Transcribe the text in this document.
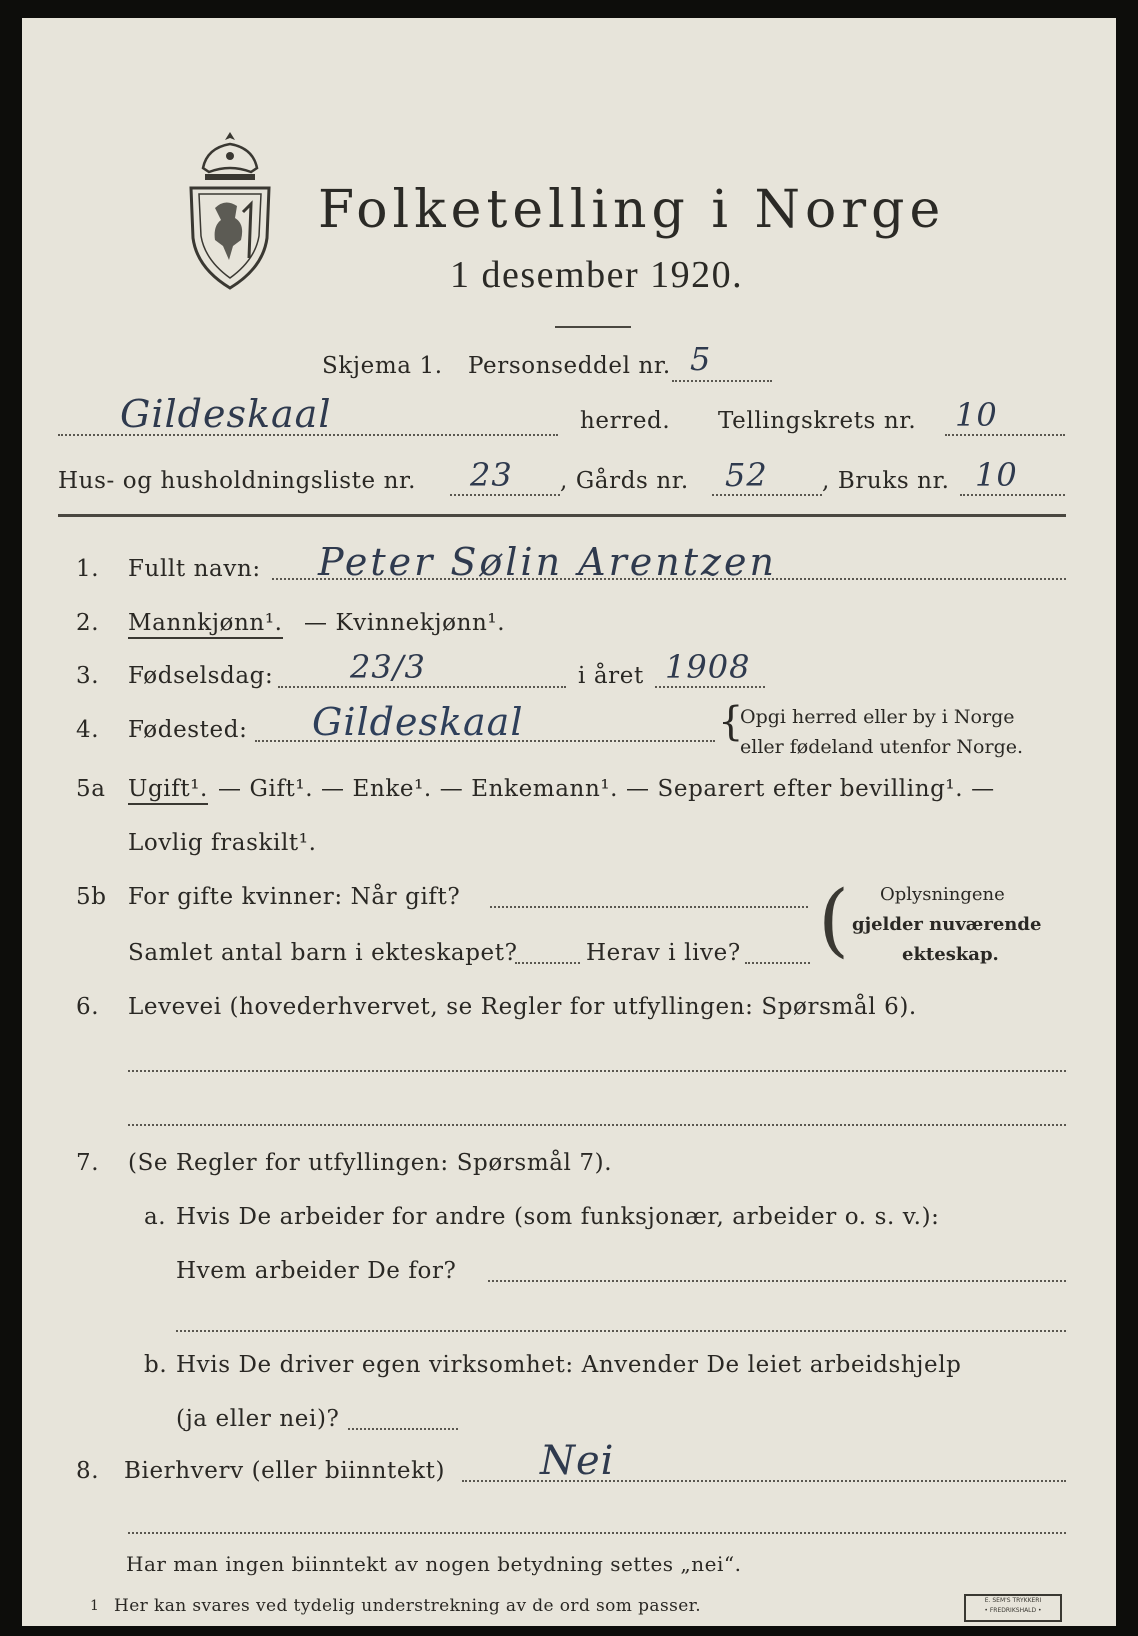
Folketelling i Norge
1 desember 1920.
Skjema 1. Personseddel nr. 5
Gildeskaal	herred. Tellingskrets nr. 10
Hus- og husholdningsliste nr. 23 , Gårds nr. 52 , Bruks nr. 10
1. Fullt navn: Peter Sølin Arentzen
2. Mannkjønn¹. — Kvinnekjønn¹.
3. Fødselsdag: 23/3	i året 1908
4. Fødested: Gildeskaal	{
Opgi herred eller by i Norge
eller fødeland utenfor Norge.
5a Ugift¹. — Gift¹. — Enke¹. — Enkemann¹. — Separert efter bevilling¹. —
Lovlig fraskilt¹.
5b For gifte kvinner: Når gift?
Samlet antal barn i ekteskapet?	Herav i live? ( Oplysningene
gjelder nuværende
ekteskap.
6. Levevei (hovederhvervet, se Regler for utfyllingen: Spørsmål 6).
7. (Se Regler for utfyllingen: Spørsmål 7).
a. Hvis De arbeider for andre (som funksjonær, arbeider o. s. v.):
Hvem arbeider De for?
b. Hvis De driver egen virksomhet: Anvender De leiet arbeidshjelp
(ja eller nei)?
8. Bierhverv (eller biinntekt) Nei
Har man ingen biinntekt av nogen betydning settes „nei“.
1 Her kan svares ved tydelig understrekning av de ord som passer.	E. SEM'S TRYKKERI
• FREDRIKSHALD •
